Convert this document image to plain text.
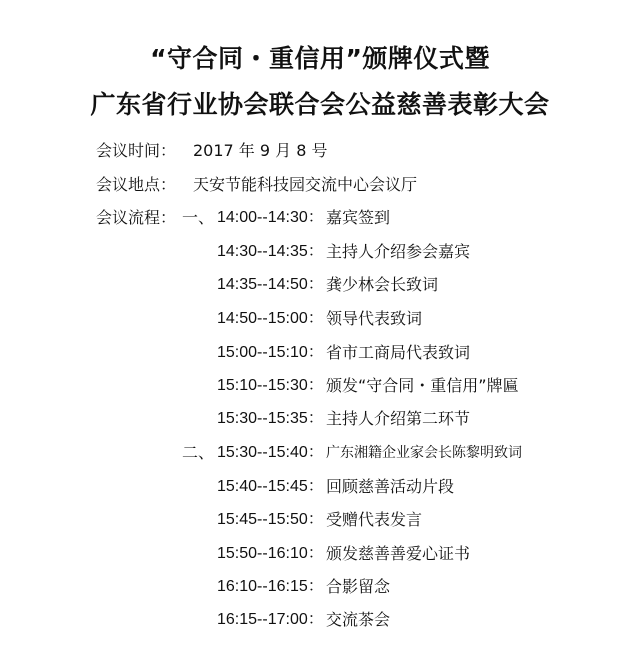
“守合同・重信用”颁牌仪式暨
广东省行业协会联合会公益慈善表彰大会
会议时间： 2017 年 9 月 8 号
会议地点： 天安节能科技园交流中心会议厅
会议流程： 一、 14:00--14:30： 嘉宾签到
14:30--14:35： 主持人介绍参会嘉宾
14:35--14:50： 龚少林会长致词
14:50--15:00： 领导代表致词
15:00--15:10： 省市工商局代表致词
15:10--15:30： 颁发“守合同・重信用”牌匾
15:30--15:35： 主持人介绍第二环节
二、 15:30--15:40： 广东湘籍企业家会长陈黎明致词
15:40--15:45： 回顾慈善活动片段
15:45--15:50： 受赠代表发言
15:50--16:10： 颁发慈善善爱心证书
16:10--16:15： 合影留念
16:15--17:00： 交流茶会
